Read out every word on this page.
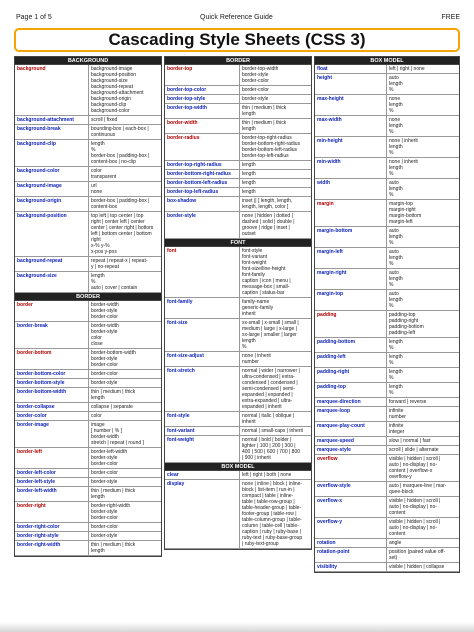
Page 1 of 5	Quick Reference Guide	FREE
Cascading Style Sheets (CSS 3)
BACKGROUND
background	background-image
background-position
background-size
background-repeat
background-attachment
background-origin
background-clip
background-color
background-attachment	scroll | fixed
background-break	bounding-box | each-box |
continuous
background-clip	length
%
border-box | padding-box |
content-box | no-clip
background-color	color
transparent
background-image	url
none
background-origin	border-box | padding-box |
content-box
background-position	top left | top center | top
right | center left | center
center | center right | bottom
left | bottom center | bottom
right
x-% y-%
x-pos y-pos
background-repeat	repeat | repeat-x | repeat-
y | no-repeat
background-size	length
%
auto | cover | contain
BORDER
border	border-width
border-style
border-color
border-break	border-width
border-style
color
close
border-bottom	border-bottom-width
border-style
border-color
border-bottom-color	border-color
border-bottom-style	border-style
border-bottom-width	thin | medium | thick
length
border-collapse	collapse | separate
border-color	color
border-image	image
[ number | % ]
border-width
stretch | repeat | round ]
border-left	border-left-width
border-style
border-color
border-left-color	border-color
border-left-style	border-style
border-left-width	thin | medium | thick
length
border-right	border-right-width
border-style
border-color
border-right-color	border-color
border-right-style	border-style
border-right-width	thin | medium | thick
length
BORDER
border-top	border-top-width
border-style
border-color
border-top-color	border-color
border-top-style	border-style
border-top-width	thin | medium | thick
length
border-width	thin | medium | thick
length
border-radius	border-top-right-radius
border-bottom-right-radius
border-bottom-left-radius
border-top-left-radius
border-top-right-radius	length
border-bottom-right-radius	length
border-bottom-left-radius	length
border-top-left-radius	length
box-shadow	inset || [ length, length,
length, length, color ]
border-style	none | hidden | dotted |
dashed | solid | double |
groove | ridge | inset |
outset
FONT
font	font-style
font-variant
font-weight
font-size/line-height
font-family
caption | icon | menu |
message-box | small-
caption | status-bar
font-family	family-name
generic-family
inherit
font-size	xx-small | x-small | small |
medium | large | x-large |
xx-large | smaller | larger
length
%
font-size-adjust	none | inherit
number
font-stretch	normal | wider | narrower |
ultra-condensed | extra-
condensed | condensed |
semi-condensed | semi-
expanded | expanded |
extra-expanded | ultra-
expanded | inherit
font-style	normal | italic | oblique |
inherit
font-variant	normal | small-caps | inherit
font-weight	normal | bold | bolder |
lighter | 100 | 200 | 300 |
400 | 500 | 600 | 700 | 800
| 900 | inherit
BOX MODEL
clear	left | right | both | none
display	none | inline | block | inline-
block | list-item | run-in |
compact | table | inline-
table | table-row-group |
table-header-group | table-
footer-group | table-row |
table-column-group | table-
column | table-cell | table-
caption | ruby | ruby-base |
ruby-text | ruby-base-group
| ruby-text-group
BOX MODEL
float	left | right | none
height	auto
length
%
max-height	none
length
%
max-width	none
length
%
min-height	none | inherit
length
%
min-width	none | inherit
length
%
width	auto
length
%
margin	margin-top
margin-right
margin-bottom
margin-left
margin-bottom	auto
length
%
margin-left	auto
length
%
margin-right	auto
length
%
margin-top	auto
length
%
padding	padding-top
padding-right
padding-bottom
padding-left
padding-bottom	length
%
padding-left	length
%
padding-right	length
%
padding-top	length
%
marquee-direction	forward | reverse
marquee-loop	infinite
number
marquee-play-count	infinite
integer
marquee-speed	slow | normal | fast
marquee-style	scroll | slide | alternate
overflow	visible | hidden | scroll |
auto | no-display | no-
content | overflow-x
overflow-y
overflow-style	auto | marquee-line | mar-
quee-block
overflow-x	visible | hidden | scroll |
auto | no-display | no-
content
overflow-y	visible | hidden | scroll |
auto | no-display | no-
content
rotation	angle
rotation-point	position (paired value off-
set)
visibility	visible | hidden | collapse
